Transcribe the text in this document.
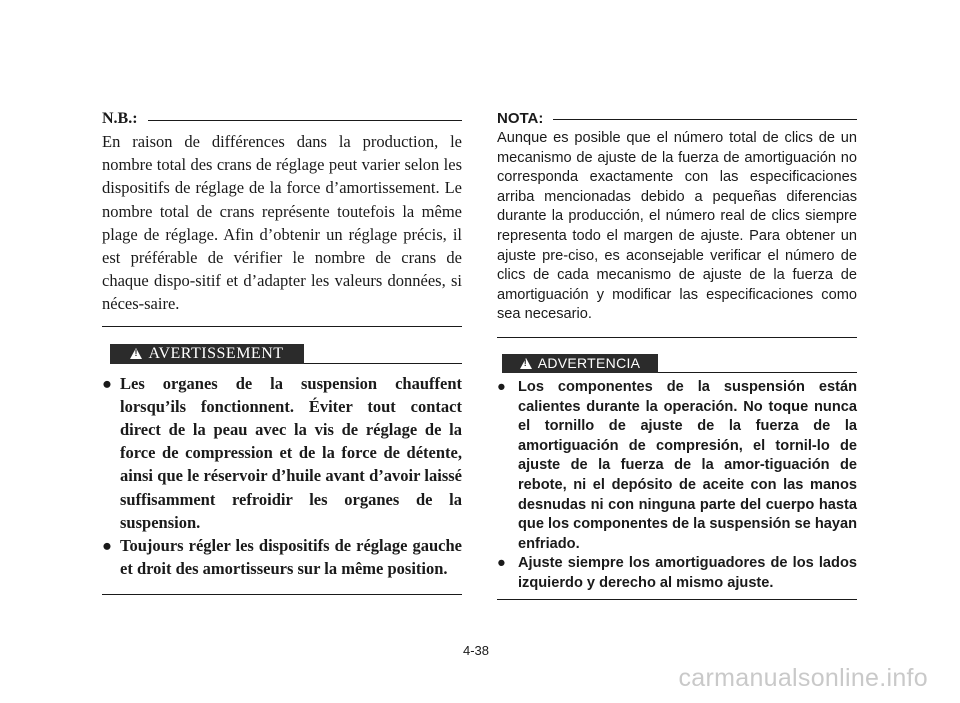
N.B.:

En raison de différences dans la production, le nombre total des crans de réglage peut varier selon les dispositifs de réglage de la force d’amortissement. Le nombre total de crans représente toutefois la même plage de réglage. Afin d’obtenir un réglage précis, il est préférable de vérifier le nombre de crans de chaque dispo-sitif et d’adapter les valeurs données, si néces-saire.

!
AVERTISSEMENT
● Les organes de la suspension chauffent lorsqu’ils fonctionnent. Éviter tout contact direct de la peau avec la vis de réglage de la force de compression et de la force de détente, ainsi que le réservoir d’huile avant d’avoir laissé suffisamment refroidir les organes de la suspension.
● Toujours régler les dispositifs de réglage gauche et droit des amortisseurs sur la même position.
NOTA:

Aunque es posible que el número total de clics de un mecanismo de ajuste de la fuerza de amortiguación no corresponda exactamente con las especificaciones arriba mencionadas debido a pequeñas diferencias durante la producción, el número real de clics siempre representa todo el margen de ajuste. Para obtener un ajuste pre-ciso, es aconsejable verificar el número de clics de cada mecanismo de ajuste de la fuerza de amortiguación y modificar las especificaciones como sea necesario.

!
ADVERTENCIA
● Los componentes de la suspensión están calientes durante la operación. No toque nunca el tornillo de ajuste de la fuerza de la amortiguación de compresión, el tornil-lo de ajuste de la fuerza de la amor-tiguación de rebote, ni el depósito de aceite con las manos desnudas ni con ninguna parte del cuerpo hasta que los componentes de la suspensión se hayan enfriado.
● Ajuste siempre los amortiguadores de los lados izquierdo y derecho al mismo ajuste.
4-38
carmanualsonline.info
